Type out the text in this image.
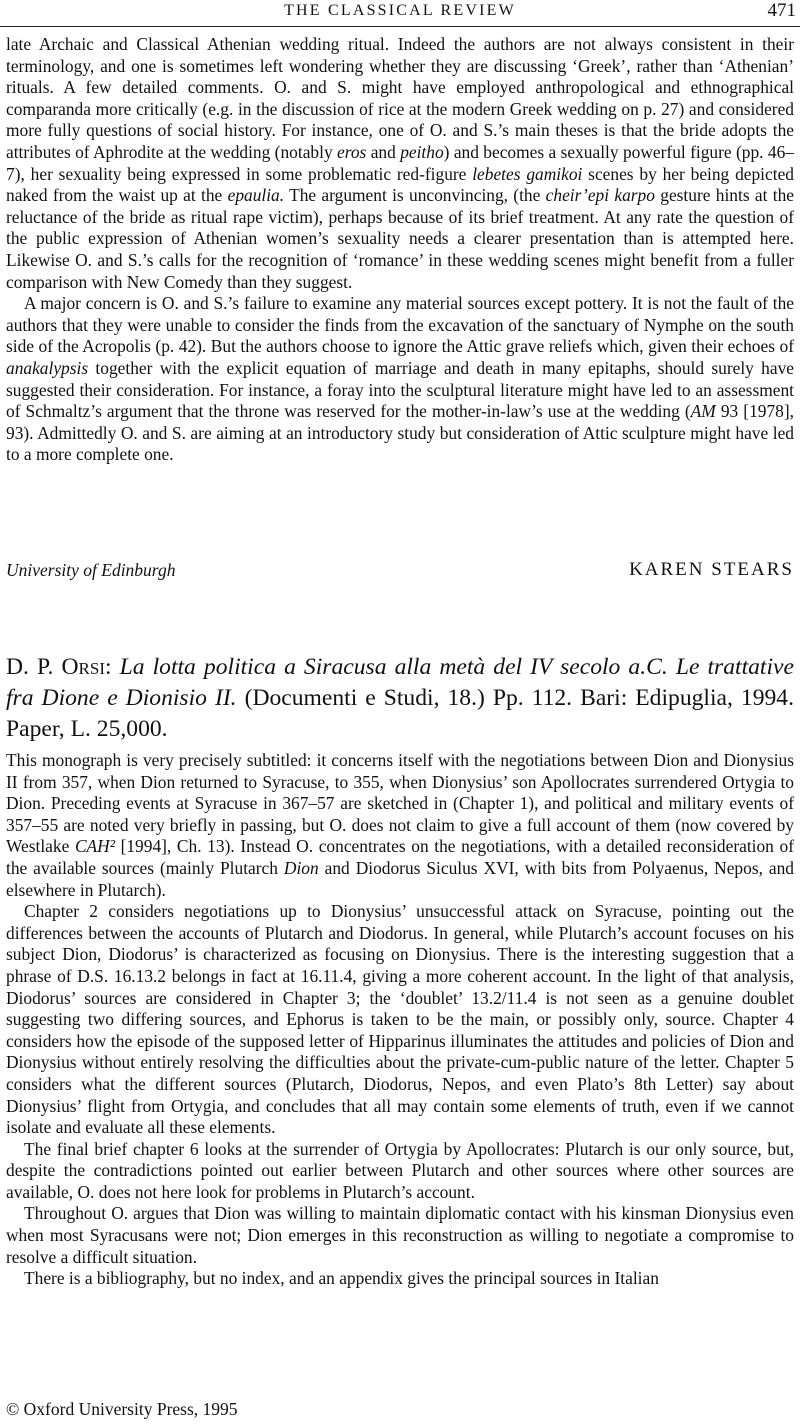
THE CLASSICAL REVIEW	471

late Archaic and Classical Athenian wedding ritual. Indeed the authors are not always consistent in their terminology, and one is sometimes left wondering whether they are discussing ‘Greek’, rather than ‘Athenian’ rituals. A few detailed comments. O. and S. might have employed anthropological and ethnographical comparanda more critically (e.g. in the discussion of rice at the modern Greek wedding on p. 27) and considered more fully questions of social history. For instance, one of O. and S.’s main theses is that the bride adopts the attributes of Aphrodite at the wedding (notably eros and peitho) and becomes a sexually powerful figure (pp. 46–7), her sexuality being expressed in some problematic red-figure lebetes gamikoi scenes by her being depicted naked from the waist up at the epaulia. The argument is unconvincing, (the cheir’epi karpo gesture hints at the reluctance of the bride as ritual rape victim), perhaps because of its brief treatment. At any rate the question of the public expression of Athenian women’s sexuality needs a clearer presentation than is attempted here. Likewise O. and S.’s calls for the recognition of ‘romance’ in these wedding scenes might benefit from a fuller comparison with New Comedy than they suggest.

A major concern is O. and S.’s failure to examine any material sources except pottery. It is not the fault of the authors that they were unable to consider the finds from the excavation of the sanctuary of Nymphe on the south side of the Acropolis (p. 42). But the authors choose to ignore the Attic grave reliefs which, given their echoes of anakalypsis together with the explicit equation of marriage and death in many epitaphs, should surely have suggested their consideration. For instance, a foray into the sculptural literature might have led to an assessment of Schmaltz’s argument that the throne was reserved for the mother-in-law’s use at the wedding (AM 93 [1978], 93). Admittedly O. and S. are aiming at an introductory study but consideration of Attic sculpture might have led to a more complete one.

University of Edinburgh	KAREN STEARS
D. P. Orsi: La lotta politica a Siracusa alla metà del IV secolo a.C. Le trattative fra Dione e Dionisio II. (Documenti e Studi, 18.) Pp. 112. Bari: Edipuglia, 1994. Paper, L. 25,000.

This monograph is very precisely subtitled: it concerns itself with the negotiations between Dion and Dionysius II from 357, when Dion returned to Syracuse, to 355, when Dionysius’ son Apollocrates surrendered Ortygia to Dion. Preceding events at Syracuse in 367–57 are sketched in (Chapter 1), and political and military events of 357–55 are noted very briefly in passing, but O. does not claim to give a full account of them (now covered by Westlake CAH² [1994], Ch. 13). Instead O. concentrates on the negotiations, with a detailed reconsideration of the available sources (mainly Plutarch Dion and Diodorus Siculus XVI, with bits from Polyaenus, Nepos, and elsewhere in Plutarch).

Chapter 2 considers negotiations up to Dionysius’ unsuccessful attack on Syracuse, pointing out the differences between the accounts of Plutarch and Diodorus. In general, while Plutarch’s account focuses on his subject Dion, Diodorus’ is characterized as focusing on Dionysius. There is the interesting suggestion that a phrase of D.S. 16.13.2 belongs in fact at 16.11.4, giving a more coherent account. In the light of that analysis, Diodorus’ sources are considered in Chapter 3; the ‘doublet’ 13.2/11.4 is not seen as a genuine doublet suggesting two differing sources, and Ephorus is taken to be the main, or possibly only, source. Chapter 4 considers how the episode of the supposed letter of Hipparinus illuminates the attitudes and policies of Dion and Dionysius without entirely resolving the difficulties about the private-cum-public nature of the letter. Chapter 5 considers what the different sources (Plutarch, Diodorus, Nepos, and even Plato’s 8th Letter) say about Dionysius’ flight from Ortygia, and concludes that all may contain some elements of truth, even if we cannot isolate and evaluate all these elements.

The final brief chapter 6 looks at the surrender of Ortygia by Apollocrates: Plutarch is our only source, but, despite the contradictions pointed out earlier between Plutarch and other sources where other sources are available, O. does not here look for problems in Plutarch’s account.

Throughout O. argues that Dion was willing to maintain diplomatic contact with his kinsman Dionysius even when most Syracusans were not; Dion emerges in this reconstruction as willing to negotiate a compromise to resolve a difficult situation.

There is a bibliography, but no index, and an appendix gives the principal sources in Italian

© Oxford University Press, 1995
